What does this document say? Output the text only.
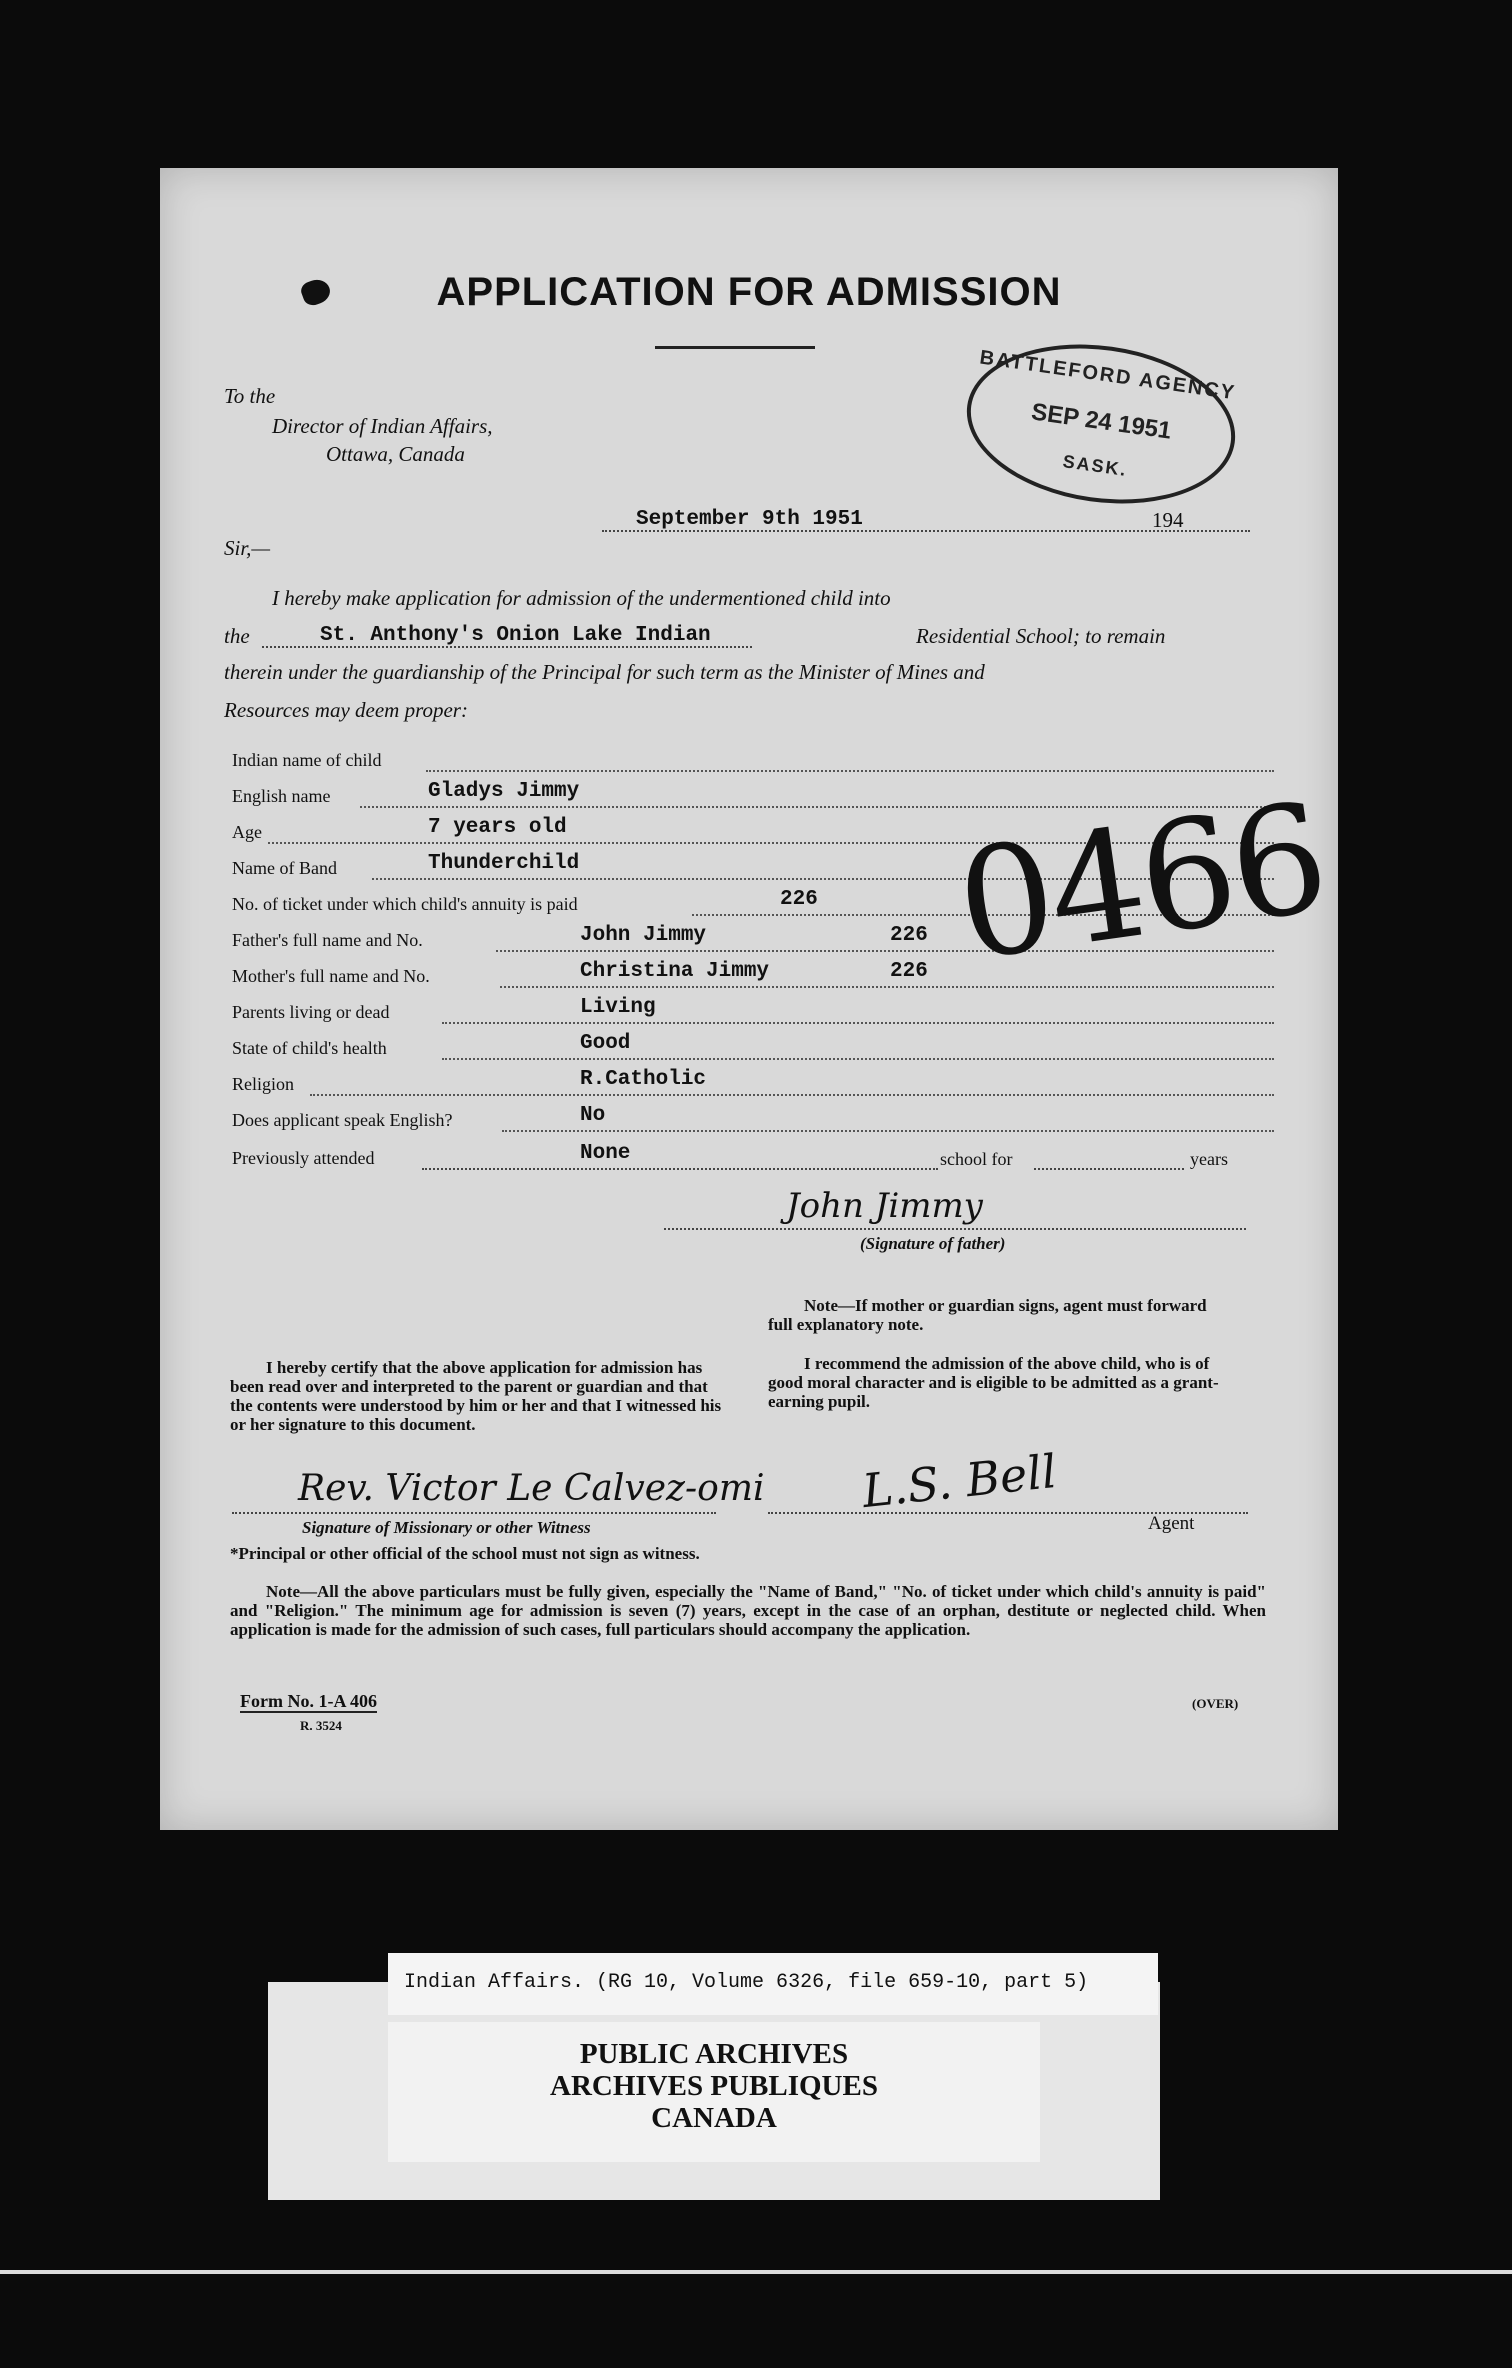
APPLICATION FOR ADMISSION
BATTLEFORD AGENCY
SEP 24 1951
SASK.
To the
Director of Indian Affairs,
Ottawa, Canada
September 9th 1951	194
Sir,—
I hereby make application for admission of the undermentioned child into
the	St. Anthony's Onion Lake Indian	Residential School; to remain
therein under the guardianship of the Principal for such term as the Minister of Mines and
Resources may deem proper:
Indian name of child
English name	Gladys Jimmy
Age	7 years old
Name of Band	Thunderchild
No. of ticket under which child's annuity is paid	226
Father's full name and No.	John Jimmy	226
Mother's full name and No.	Christina Jimmy	226
Parents living or dead	Living
State of child's health	Good
Religion	R.Catholic
Does applicant speak English?	No
Previously attended	None	school for	years
0466
John Jimmy
(Signature of father)
Note—If mother or guardian signs, agent must forward full explanatory note.
I hereby certify that the above application for admission has been read over and interpreted to the parent or guardian and that the contents were understood by him or her and that I witnessed his or her signature to this document.
I recommend the admission of the above child, who is of good moral character and is eligible to be admitted as a grant-earning pupil.
Rev. Victor Le Calvez-omi
Signature of Missionary or other Witness
L.S. Bell
Agent
*Principal or other official of the school must not sign as witness.
Note—All the above particulars must be fully given, especially the "Name of Band," "No. of ticket under which child's annuity is paid" and "Religion." The minimum age for admission is seven (7) years, except in the case of an orphan, destitute or neglected child. When application is made for the admission of such cases, full particulars should accompany the application.
Form No. 1-A 406
R. 3524
(OVER)
PUBLIC ARCHIVES
ARCHIVES PUBLIQUES
CANADA
Indian Affairs. (RG 10, Volume 6326, file 659-10, part 5)
